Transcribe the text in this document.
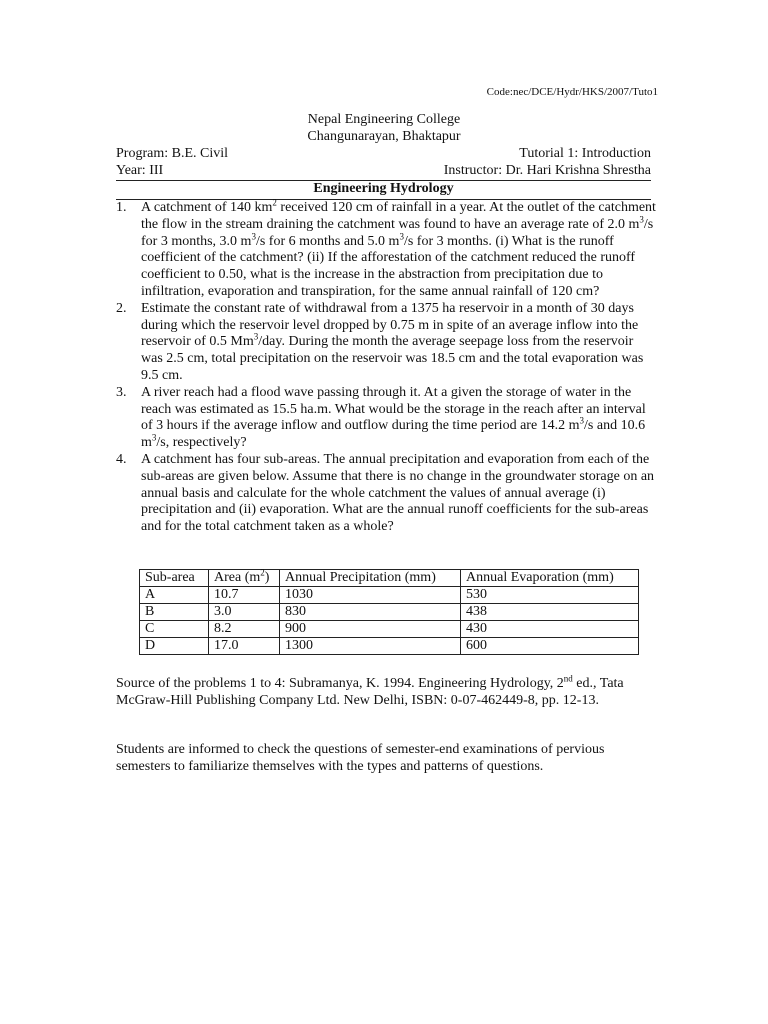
Code:nec/DCE/Hydr/HKS/2007/Tuto1
Nepal Engineering College
Changunarayan, Bhaktapur
Program: B.E. Civil	Tutorial 1: Introduction
Year: III	Instructor: Dr. Hari Krishna Shrestha
Engineering Hydrology
1.	A catchment of 140 $km^2$ received 120 cm of rainfall in a year. At the outlet of the catchment the flow in the stream draining the catchment was found to have an average rate of 2.0 $m^3/s$ for 3 months, 3.0 $m^3/s$ for 6 months and 5.0 $m^3/s$ for 3 months. (i) What is the runoff coefficient of the catchment? (ii) If the afforestation of the catchment reduced the runoff coefficient to 0.50, what is the increase in the abstraction from precipitation due to infiltration, evaporation and transpiration, for the same annual rainfall of 120 cm?
2.	Estimate the constant rate of withdrawal from a 1375 ha reservoir in a month of 30 days during which the reservoir level dropped by 0.75 m in spite of an average inflow into the reservoir of 0.5 Mm$^3$/day. During the month the average seepage loss from the reservoir was 2.5 cm, total precipitation on the reservoir was 18.5 cm and the total evaporation was 9.5 cm.
3.	A river reach had a flood wave passing through it. At a given the storage of water in the reach was estimated as 15.5 ha.m. What would be the storage in the reach after an interval of 3 hours if the average inflow and outflow during the time period are 14.2 $m^3/s$ and 10.6 $m^3/s$, respectively?
4.	A catchment has four sub-areas. The annual precipitation and evaporation from each of the sub-areas are given below. Assume that there is no change in the groundwater storage on an annual basis and calculate for the whole catchment the values of annual average (i) precipitation and (ii) evaporation. What are the annual runoff coefficients for the sub-areas and for the total catchment taken as a whole?
Sub-area	Area $(m^2)$	Annual Precipitation (mm)	Annual Evaporation (mm)
A	10.7	1030	530
B	3.0	830	438
C	8.2	900	430
D	17.0	1300	600
Source of the problems 1 to 4: Subramanya, K. 1994. Engineering Hydrology, 2nd ed., Tata McGraw-Hill Publishing Company Ltd. New Delhi, ISBN: 0-07-462449-8, pp. 12-13.
Students are informed to check the questions of semester-end examinations of pervious semesters to familiarize themselves with the types and patterns of questions.
